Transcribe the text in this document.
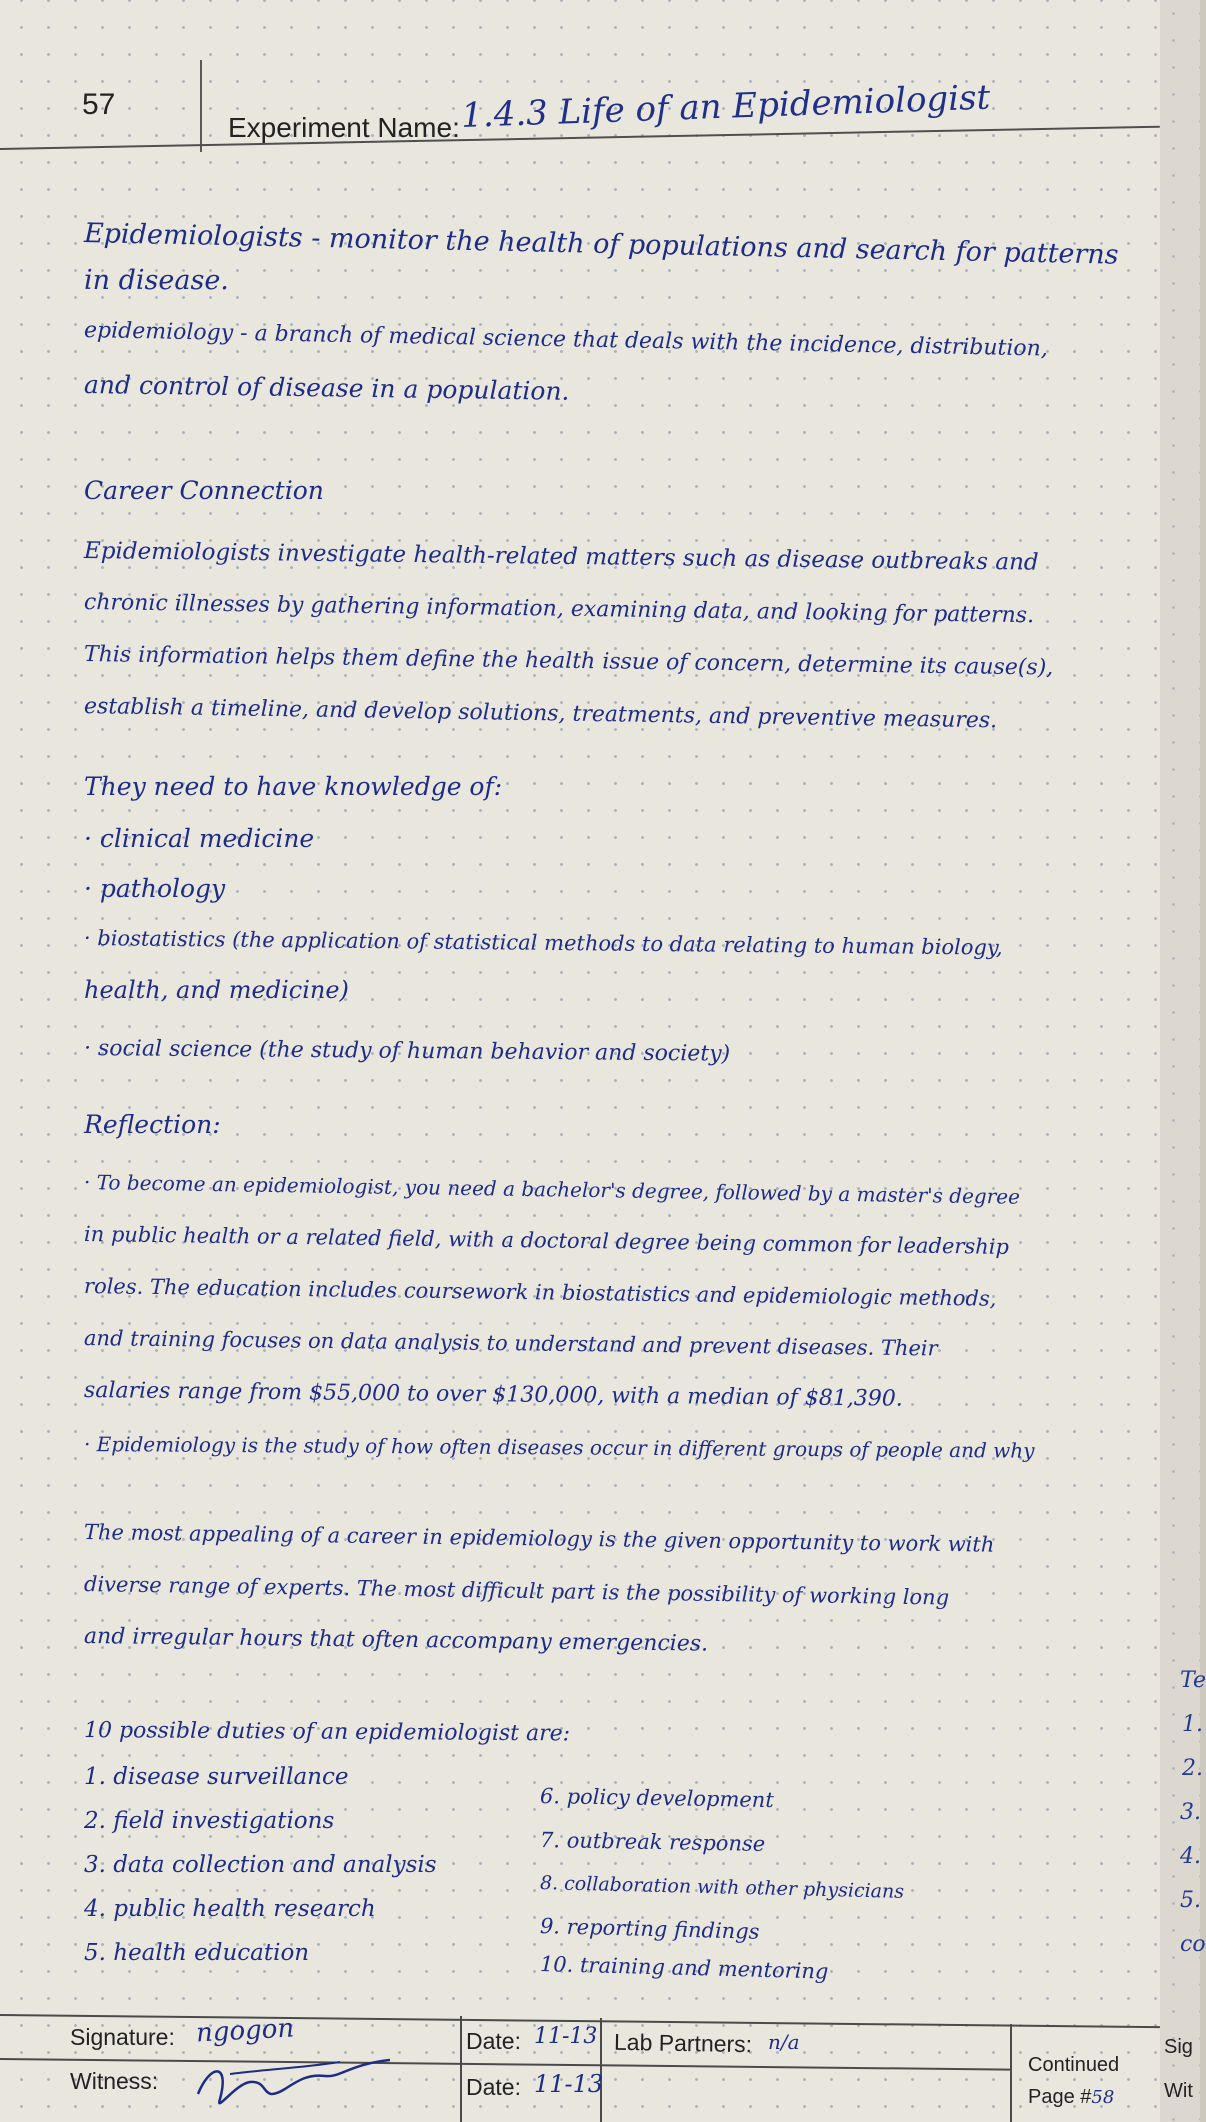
57
Experiment Name: 1.4.3 Life of an Epidemiologist
Epidemiologists - monitor the health of populations and search for patterns
in disease.
epidemiology - a branch of medical science that deals with the incidence, distribution,
and control of disease in a population.
Career Connection
Epidemiologists investigate health-related matters such as disease outbreaks and
chronic illnesses by gathering information, examining data, and looking for patterns.
This information helps them define the health issue of concern, determine its cause(s),
establish a timeline, and develop solutions, treatments, and preventive measures.
They need to have knowledge of:
· clinical medicine
· pathology
· biostatistics (the application of statistical methods to data relating to human biology,
health, and medicine)
· social science (the study of human behavior and society)
Reflection:
· To become an epidemiologist, you need a bachelor's degree, followed by a master's degree
in public health or a related field, with a doctoral degree being common for leadership
roles. The education includes coursework in biostatistics and epidemiologic methods,
and training focuses on data analysis to understand and prevent diseases. Their
salaries range from $55,000 to over $130,000, with a median of $81,390.
· Epidemiology is the study of how often diseases occur in different groups of people and why
The most appealing of a career in epidemiology is the given opportunity to work with
diverse range of experts. The most difficult part is the possibility of working long
and irregular hours that often accompany emergencies.
10 possible duties of an epidemiologist are:
1. disease surveillance
2. field investigations
3. data collection and analysis
4. public health research
5. health education
6. policy development
7. outbreak response
8. collaboration with other physicians
9. reporting findings
10. training and mentoring
Signature: ngogon
Witness:
Date: 11-13
Date: 11-13
Lab Partners: n/a
Continued
Page #58
Te
1.
2.
3.
4.
5.
co
Sig
Wit
